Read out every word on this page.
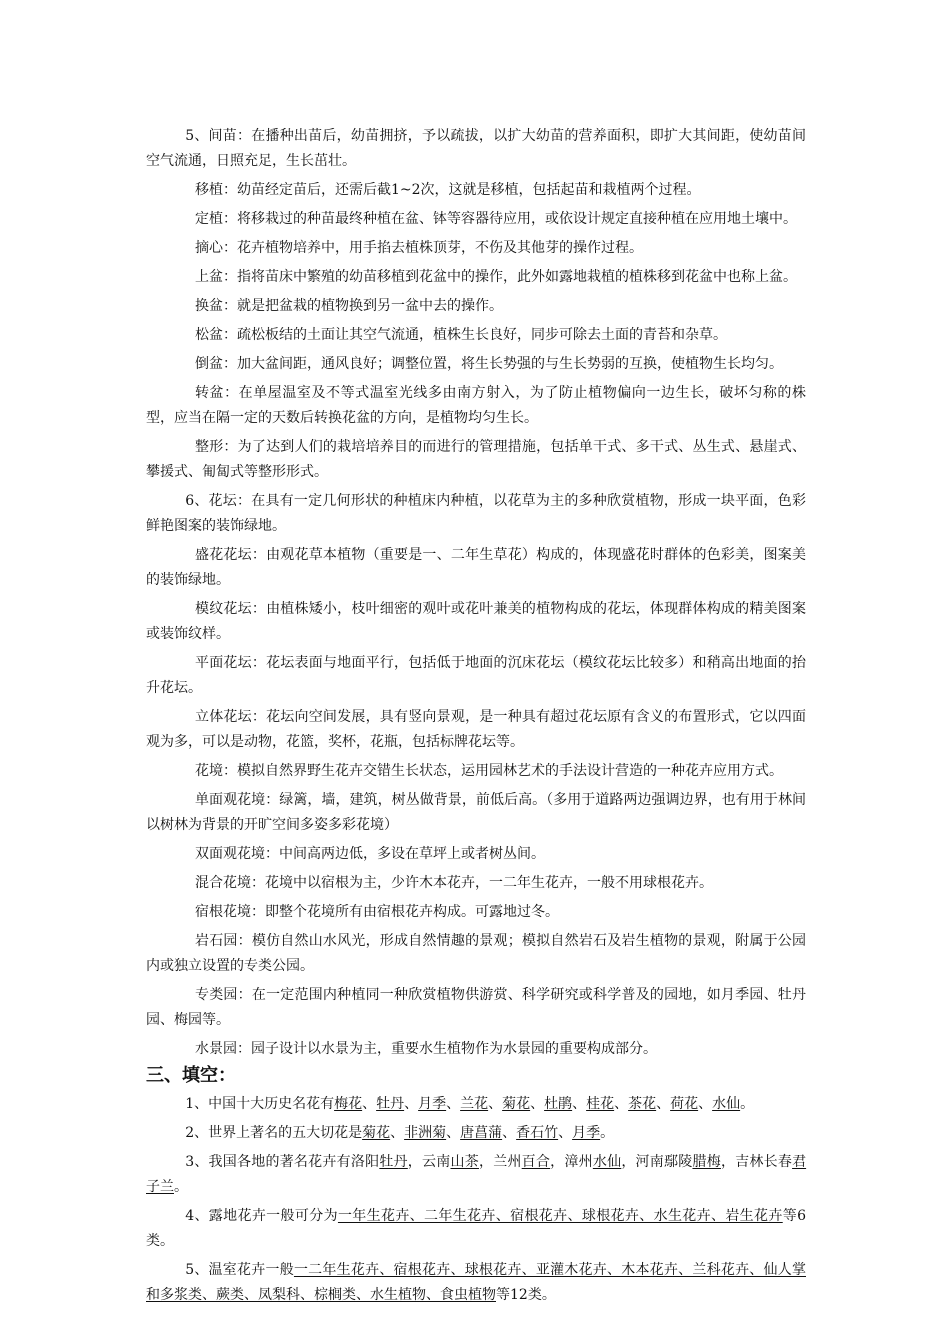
5、间苗：在播种出苗后，幼苗拥挤，予以疏拔，以扩大幼苗的营养面积，即扩大其间距，使幼苗间空气流通，日照充足，生长茁壮。

移植：幼苗经定苗后，还需后截1~2次，这就是移植，包括起苗和栽植两个过程。

定植：将移栽过的种苗最终种植在盆、钵等容器待应用，或依设计规定直接种植在应用地土壤中。

摘心：花卉植物培养中，用手掐去植株顶芽，不伤及其他芽的操作过程。

上盆：指将苗床中繁殖的幼苗移植到花盆中的操作，此外如露地栽植的植株移到花盆中也称上盆。

换盆：就是把盆栽的植物换到另一盆中去的操作。

松盆：疏松板结的土面让其空气流通，植株生长良好，同步可除去土面的青苔和杂草。

倒盆：加大盆间距，通风良好；调整位置，将生长势强的与生长势弱的互换，使植物生长均匀。

转盆：在单屋温室及不等式温室光线多由南方射入，为了防止植物偏向一边生长，破坏匀称的株型，应当在隔一定的天数后转换花盆的方向，是植物均匀生长。

整形：为了达到人们的栽培培养目的而进行的管理措施，包括单干式、多干式、丛生式、悬崖式、攀援式、匍匐式等整形形式。

6、花坛：在具有一定几何形状的种植床内种植，以花草为主的多种欣赏植物，形成一块平面，色彩鲜艳图案的装饰绿地。

盛花花坛：由观花草本植物（重要是一、二年生草花）构成的，体现盛花时群体的色彩美，图案美的装饰绿地。

模纹花坛：由植株矮小，枝叶细密的观叶或花叶兼美的植物构成的花坛，体现群体构成的精美图案或装饰纹样。

平面花坛：花坛表面与地面平行，包括低于地面的沉床花坛（模纹花坛比较多）和稍高出地面的抬升花坛。

立体花坛：花坛向空间发展，具有竖向景观，是一种具有超过花坛原有含义的布置形式，它以四面观为多，可以是动物，花篮，奖杯，花瓶，包括标牌花坛等。

花境：模拟自然界野生花卉交错生长状态，运用园林艺术的手法设计营造的一种花卉应用方式。

单面观花境：绿篱，墙，建筑，树丛做背景，前低后高。（多用于道路两边强调边界，也有用于林间以树林为背景的开旷空间多姿多彩花境）

双面观花境：中间高两边低，多设在草坪上或者树丛间。

混合花境：花境中以宿根为主，少许木本花卉，一二年生花卉，一般不用球根花卉。

宿根花境：即整个花境所有由宿根花卉构成。可露地过冬。

岩石园：模仿自然山水风光，形成自然情趣的景观；模拟自然岩石及岩生植物的景观，附属于公园内或独立设置的专类公园。

专类园：在一定范围内种植同一种欣赏植物供游赏、科学研究或科学普及的园地，如月季园、牡丹园、梅园等。

水景园：园子设计以水景为主，重要水生植物作为水景园的重要构成部分。

三、填空：

1、中国十大历史名花有梅花、牡丹、月季、兰花、菊花、杜鹃、桂花、茶花、荷花、水仙。

2、世界上著名的五大切花是菊花、非洲菊、唐菖蒲、香石竹、月季。

3、我国各地的著名花卉有洛阳牡丹，云南山茶，兰州百合，漳州水仙，河南鄢陵腊梅，吉林长春君子兰。

4、露地花卉一般可分为一年生花卉、二年生花卉、宿根花卉、球根花卉、水生花卉、岩生花卉等6类。

5、温室花卉一般一二年生花卉、宿根花卉、球根花卉、亚灌木花卉、木本花卉、兰科花卉、仙人掌和多浆类、蕨类、凤梨科、棕榈类、水生植物、食虫植物等12类。
